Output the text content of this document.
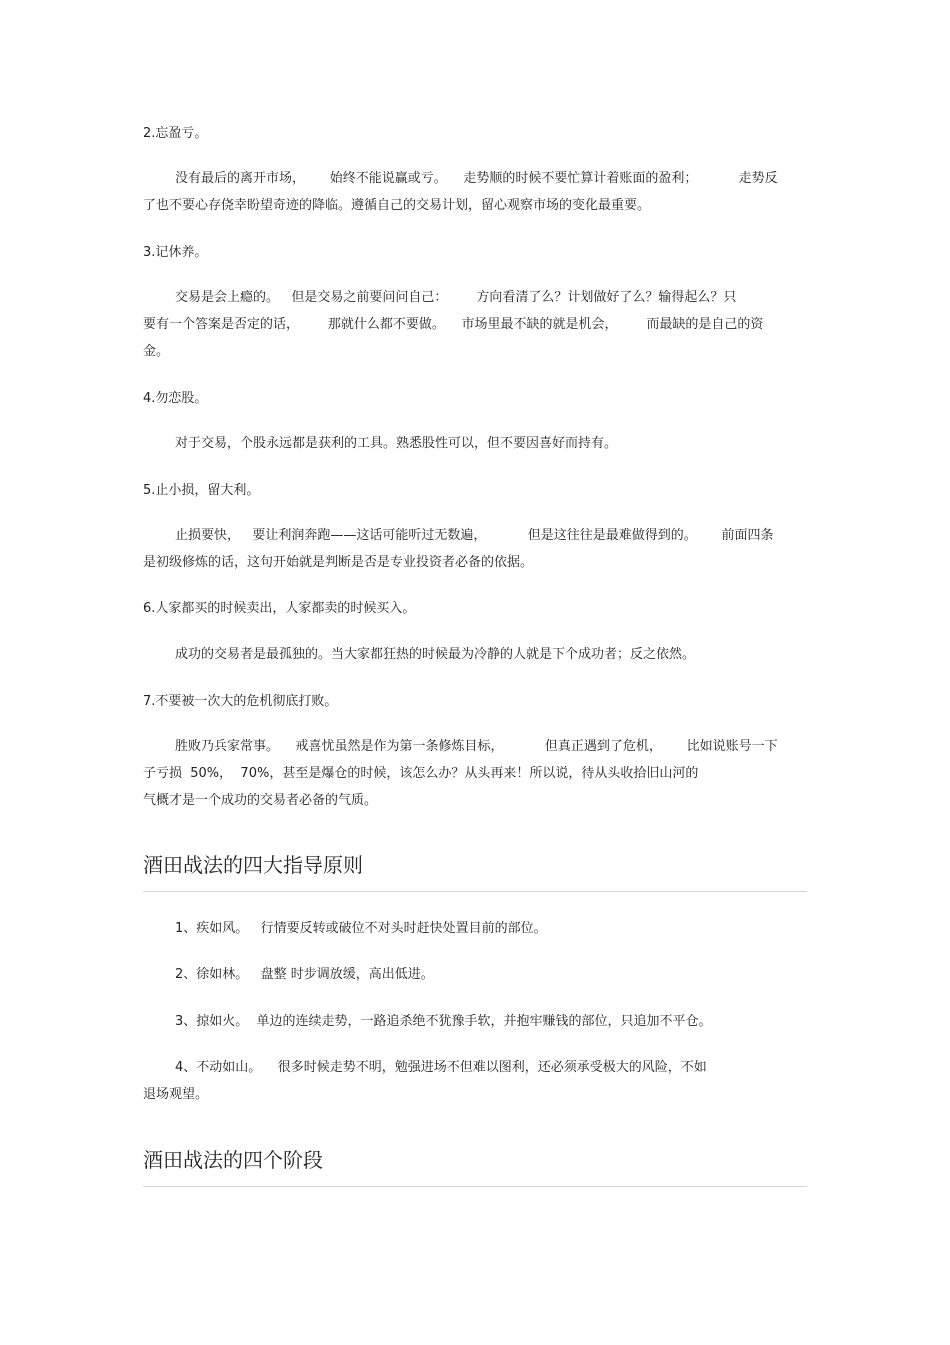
2.忘盈亏。
没有最后的离开市场，      始终不能说赢或亏。    走势顺的时候不要忙算计着账面的盈利；          走势反
了也不要心存侥幸盼望奇迹的降临。遵循自己的交易计划，留心观察市场的变化最重要。
3.记休养。
交易是会上瘾的。   但是交易之前要问问自己：       方向看清了么？计划做好了么？输得起么？只
要有一个答案是否定的话，       那就什么都不要做。    市场里最不缺的就是机会，       而最缺的是自己的资
金。
4.勿恋股。
对于交易，个股永远都是获利的工具。熟悉股性可以，但不要因喜好而持有。
5.止小损，留大利。
止损要快，   要让利润奔跑——这话可能听过无数遍，          但是这往往是最难做得到的。      前面四条
是初级修炼的话，这句开始就是判断是否是专业投资者必备的依据。
6.人家都买的时候卖出，人家都卖的时候买入。
成功的交易者是最孤独的。当大家都狂热的时候最为冷静的人就是下个成功者；反之依然。
7.不要被一次大的危机彻底打败。
胜败乃兵家常事。    戒喜忧虽然是作为第一条修炼目标，          但真正遇到了危机，      比如说账号一下
子亏损  50%，  70%，甚至是爆仓的时候，该怎么办？从头再来！所以说，待从头收拾旧山河的
气概才是一个成功的交易者必备的气质。
酒田战法的四大指导原则
1、疾如风。   行情要反转或破位不对头时赶快处置目前的部位。
2、徐如林。   盘整 时步调放缓，高出低进。
3、掠如火。  单边的连续走势，一路追杀绝不犹豫手软，并抱牢赚钱的部位，只追加不平仓。
4、不动如山。    很多时候走势不明，勉强进场不但难以图利，还必须承受极大的风险，不如
退场观望。
酒田战法的四个阶段
